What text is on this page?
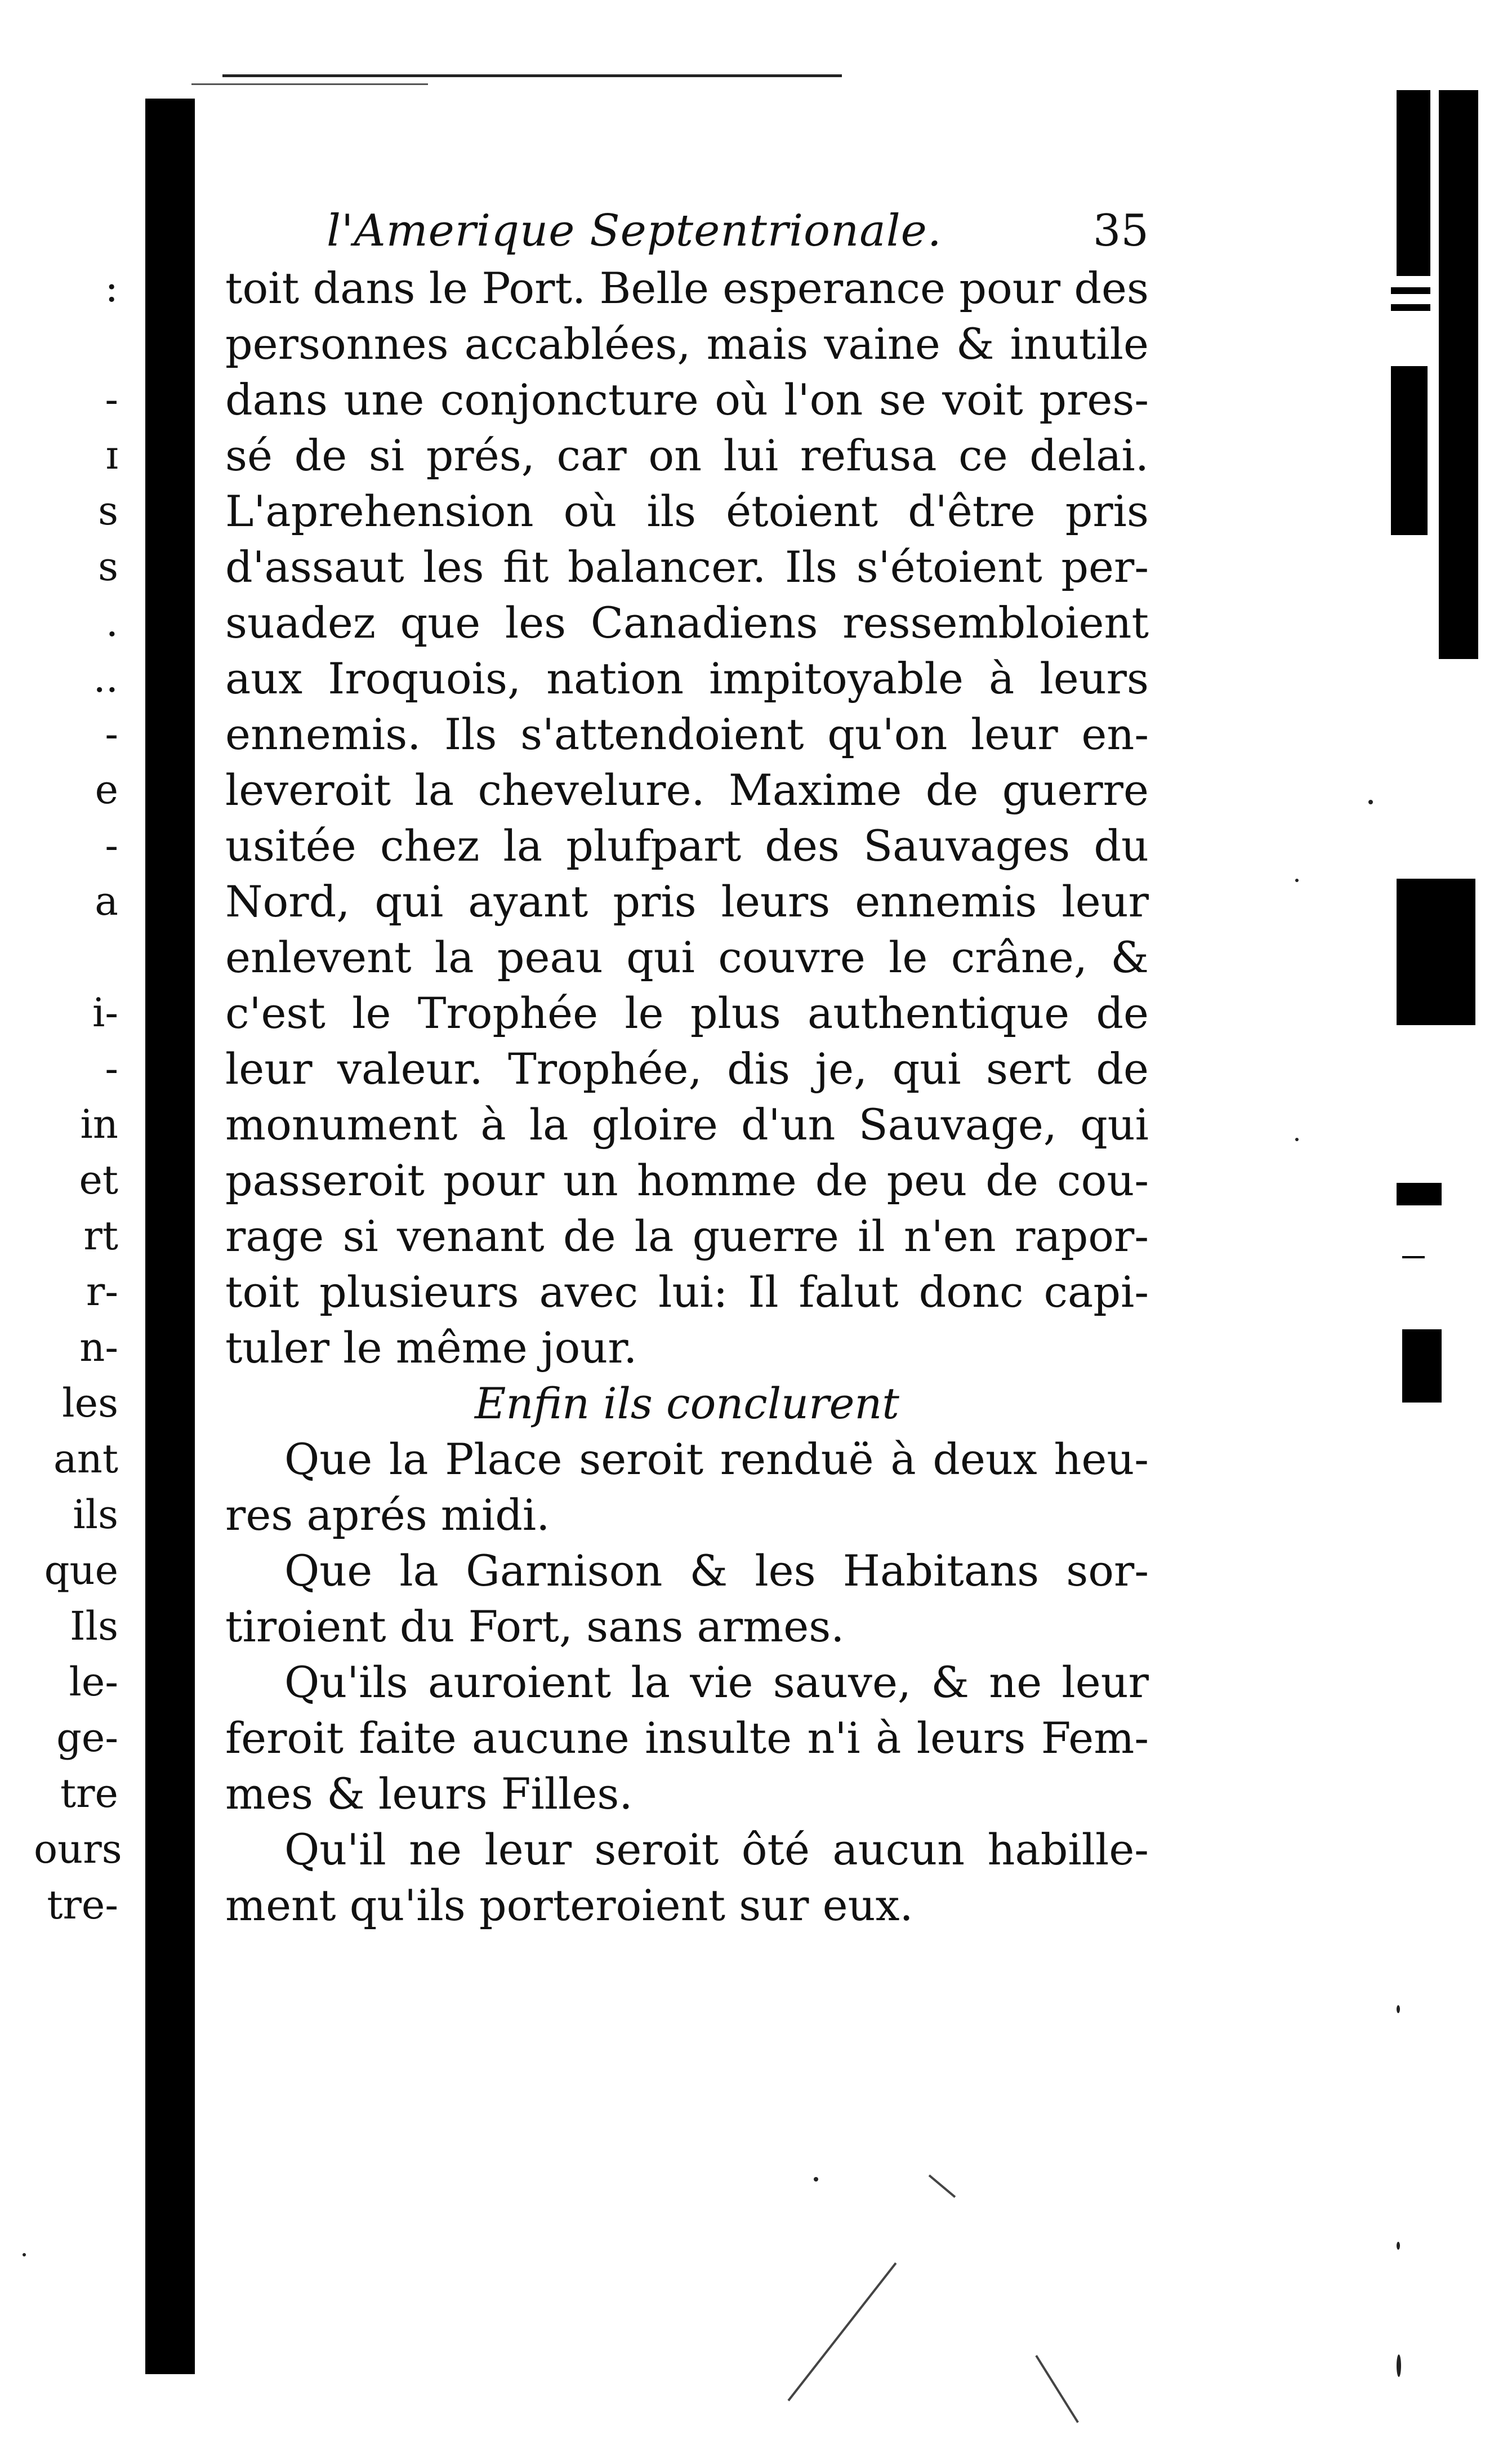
:
-
ɪ
s
s
.
..
-
e
-
a
i-
-
in
et
rt
r-
n-
les
ant
ils
que
Ils
le-
ge-
tre
ours
tre-
l'Amerique Septentrionale.	35
toit dans le Port. Belle esperance pour des
personnes accablées, mais vaine & inutile
dans une conjoncture où l'on se voit pres-
sé de si prés, car on lui refusa ce delai.
L'aprehension où ils étoient d'être pris
d'assaut les fit balancer. Ils s'étoient per-
suadez que les Canadiens ressembloient
aux Iroquois, nation impitoyable à leurs
ennemis. Ils s'attendoient qu'on leur en-
leveroit la chevelure. Maxime de guerre
usitée chez la plufpart des Sauvages du
Nord, qui ayant pris leurs ennemis leur
enlevent la peau qui couvre le crâne, &
c'est le Trophée le plus authentique de
leur valeur. Trophée, dis je, qui sert de
monument à la gloire d'un Sauvage, qui
passeroit pour un homme de peu de cou-
rage si venant de la guerre il n'en rapor-
toit plusieurs avec lui: Il falut donc capi-
tuler le même jour.
Enfin ils conclurent
Que la Place seroit renduë à deux heu-
res aprés midi.
Que la Garnison & les Habitans sor-
tiroient du Fort, sans armes.
Qu'ils auroient la vie sauve, & ne leur
feroit faite aucune insulte n'i à leurs Fem-
mes & leurs Filles.
Qu'il ne leur seroit ôté aucun habille-
ment qu'ils porteroient sur eux.
